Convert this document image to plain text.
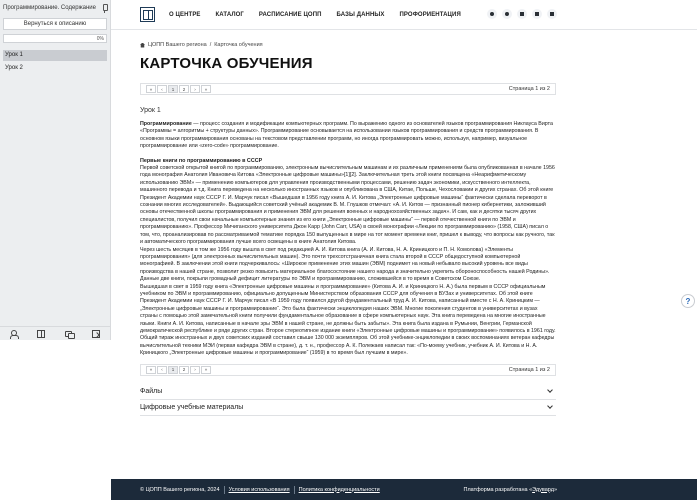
Программирование. Содержание
Вернуться к описанию
0%
Урок 1
Урок 2
О ЦЕНТРЕ	КАТАЛОГ	РАСПИСАНИЕ ЦОПП	БАЗЫ ДАННЫХ	ПРОФОРИЕНТАЦИЯ
ЦОПП Вашего региона / Карточка обучения
КАРТОЧКА ОБУЧЕНИЯ
«	‹	1	2	›	»	Страница 1 из 2
Урок 1

Программирование — процесс создания и модификации компьютерных программ. По выражению одного из основателей языков программирования Никлауса Вирта «Программы = алгоритмы + структуры данных». Программирование основывается на использовании языков программирования и средств программирования. В основном языки программирования основаны на текстовом представлении программ, но иногда программировать можно, используя, например, визуальное программирование или «zero-code» программирование.

Первые книги по программированию в СССР

Первой советской открытой книгой по программированию, электронным вычислительным машинам и их различным применениям была опубликованная в начале 1956 года монография Анатолия Ивановича Китова «Электронные цифровые машины»[1][2]. Заключительная треть этой книги посвящена «Неарифметическому использованию ЭВМ» — применению компьютеров для управления производственными процессами, решению задач экономики, искусственного интеллекта, машинного перевода и т.д. Книга переведена на несколько иностранных языков и опубликована в США, Китае, Польше, Чехословакии и других странах. Об этой книге Президент Академии наук СССР Г. И. Марчук писал «Вышедшая в 1956 году книга А. И. Китова „Электронные цифровые машины“ фактически сделала переворот в сознании многих исследователей». Выдающийся советский учёный академик В. М. Глушков отмечал: «А. И. Китов — признанный пионер кибернетики, заложивший основы отечественной школы программирования и применения ЭВМ для решения военных и народнохозяйственных задач». И сам, как и десятки тысяч других специалистов, получил свои начальные компьютерные знания из его книги „Электронные цифровые машины“ — первой отечественной книги по ЭВМ и программированию». Профессор Мичиганского университета Джон Карр (John Carr, USA) в своей монографии «Лекции по программированию» (1958, США) писал о том, что, проанализировав по рассматриваемой тематике порядка 150 выпущенных в мире на тот момент времени книг, пришел к выводу, что вопросы как ручного, так и автоматического программирования лучше всего освещены в книге Анатолия Китова.

Через шесть месяцев в том же 1956 году вышла в свет под редакцией А. И. Китова книга (А. И. Китова, Н. А. Криницкого и П. Н. Комолова) «Элементы программирования» (для электронных вычислительных машин). Это почти трехсотстраничная книга стала второй в СССР общедоступной компьютерной монографией. В заключении этой книги подчеркивалось: «Широкое применение этих машин (ЭВМ) поднимет на новый небывало высокий уровень все виды производства в нашей стране, позволит резко повысить материальное благосостояние нашего народа и значительно укрепить обороноспособность нашей Родины». Данные две книги, покрыли громадный дефицит литературы по ЭВМ и программированию, сложившейся в то время в Советском Союзе.

Вышедшая в свет в 1959 году книга «Электронные цифровые машины и программирование» (Китова А. И. и Криницкого Н. А.) была первым в СССР официальным учебником по ЭВМ и программированию, официально допущенным Министерством образования СССР для обучения в ВУЗах и университетах. Об этой книге Президент Академии наук СССР Г. И. Марчук писал «В 1959 году появился другой фундаментальный труд А. И. Китова, написанный вместе с Н. А. Криницким — „Электронные цифровые машины и программирование“. Это была фактически энциклопедия наших ЭВМ. Многие поколения студентов в университетах и вузах страны с помощью этой замечательной книги получили фундаментальное образование в сфере компьютерных наук. Эта книга переведена на многие иностранные языки. Книги А. И. Китова, написанные в начале эры ЭВМ в нашей стране, не должны быть забыты». Эта книга была издана в Румынии, Венгрии, Германской демократической республике и ряде других стран. Второе стереотипное издание книги «Электронные цифровые машины и программирование» появилось в 1961 году. Общий тираж иностранных и двух советских изданий составил свыше 130 000 экземпляров. Об этой учебнике-энциклопедии в своих воспоминаниях ветеран кафедры вычислительной техники МЭИ (первая кафедра ЭВМ в стране), д. т. н., профессор А. К. Полежаев написал так: «По-моему учебник, учебник А. И. Китова и Н. А. Криницкого „Электронные цифровые машины и программирование“ (1959) в то время был лучшим в мире».

«	‹	1	2	›	»	Страница 1 из 2
Файлы
Цифровые учебные материалы
© ЦОПП Вашего региона, 2024 Условия использования Политика конфиденциальности	Платформа разработана «Эдувард»
?
